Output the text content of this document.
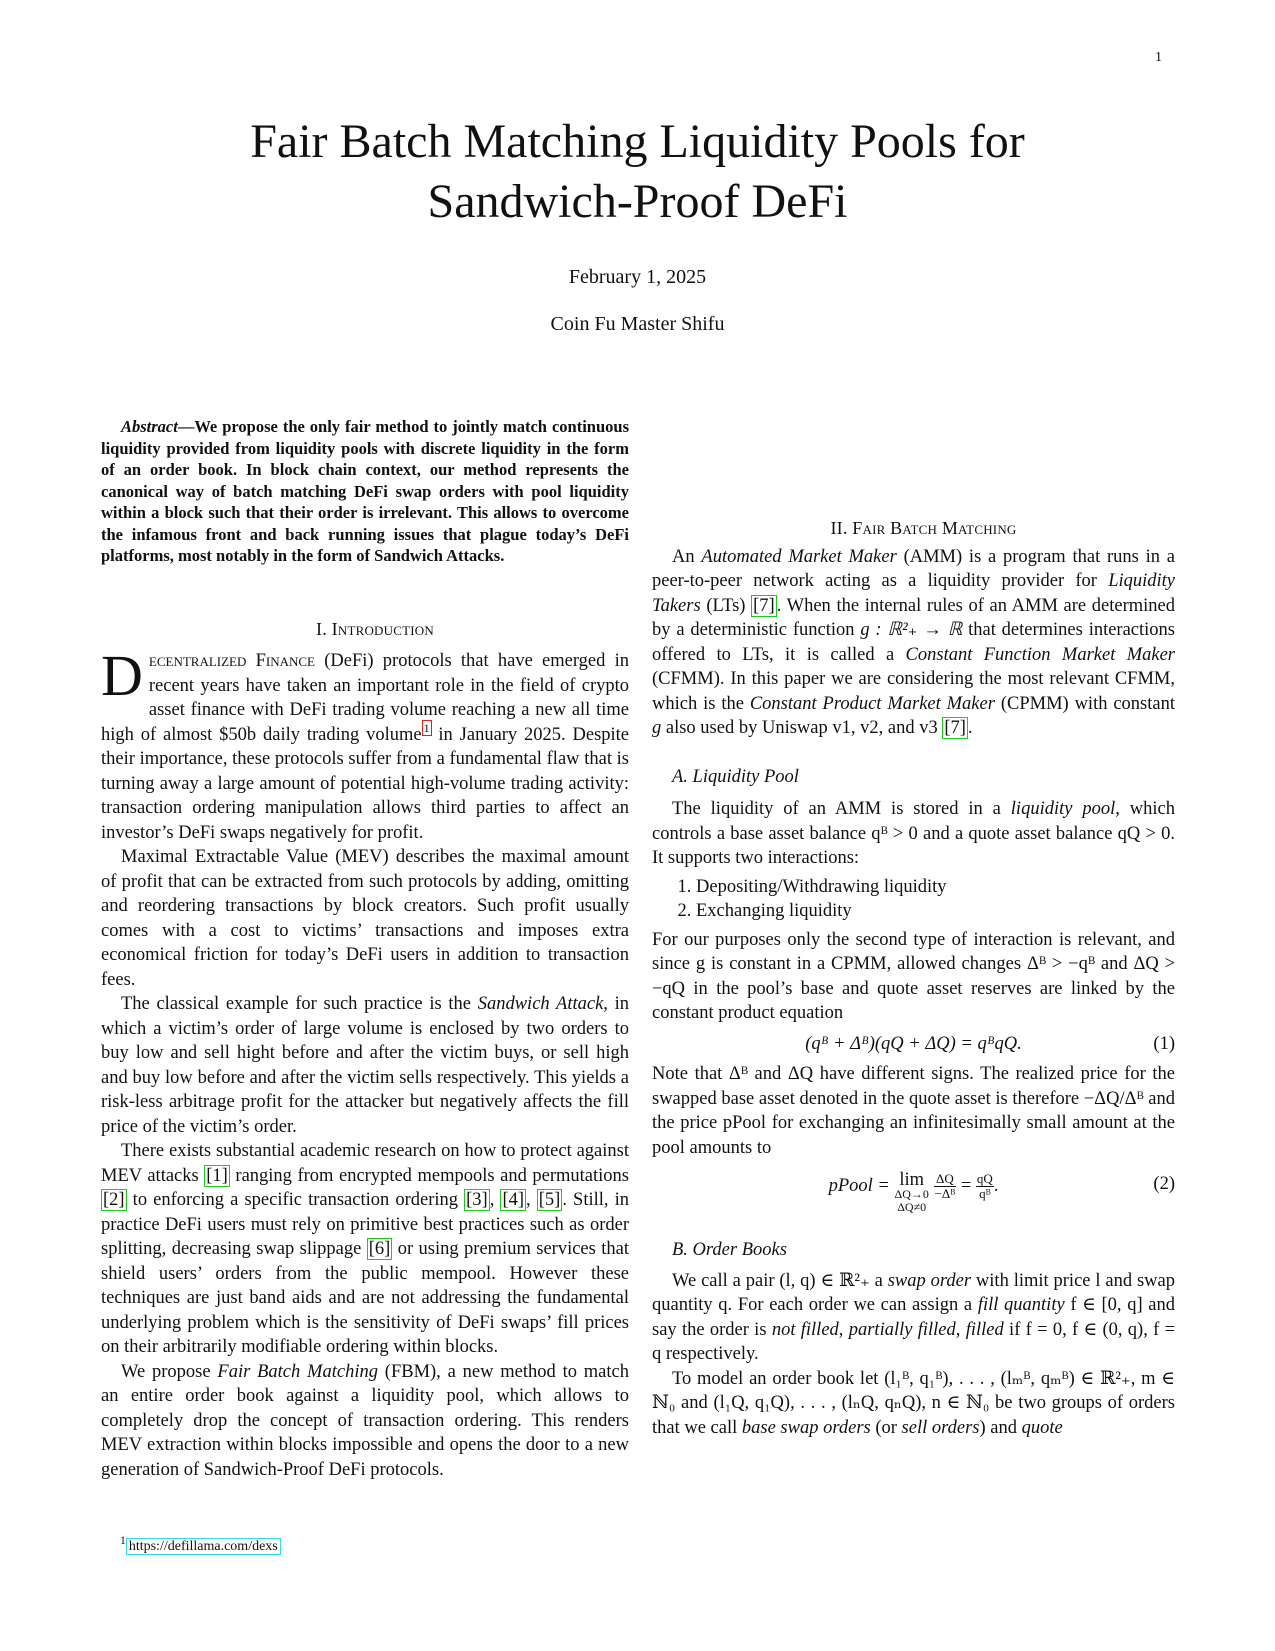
1
Fair Batch Matching Liquidity Pools for
Sandwich-Proof DeFi
February 1, 2025
Coin Fu Master Shifu

Abstract—We propose the only fair method to jointly match continuous liquidity provided from liquidity pools with discrete liquidity in the form of an order book. In block chain context, our method represents the canonical way of batch matching DeFi swap orders with pool liquidity within a block such that their order is irrelevant. This allows to overcome the infamous front and back running issues that plague today’s DeFi platforms, most notably in the form of Sandwich Attacks.

I. Introduction

Decentralized Finance (DeFi) protocols that have emerged in recent years have taken an important role in the field of crypto asset finance with DeFi trading volume reaching a new all time high of almost $50b daily trading volume $^1$ in January 2025. Despite their importance, these protocols suffer from a fundamental flaw that is turning away a large amount of potential high-volume trading activity: transaction ordering manipulation allows third parties to affect an investor’s DeFi swaps negatively for profit.

Maximal Extractable Value (MEV) describes the maximal amount of profit that can be extracted from such protocols by adding, omitting and reordering transactions by block creators. Such profit usually comes with a cost to victims’ transactions and imposes extra economical friction for today’s DeFi users in addition to transaction fees.

The classical example for such practice is the Sandwich Attack, in which a victim’s order of large volume is enclosed by two orders to buy low and sell hight before and after the victim buys, or sell high and buy low before and after the victim sells respectively. This yields a risk-less arbitrage profit for the attacker but negatively affects the fill price of the victim’s order.

There exists substantial academic research on how to protect against MEV attacks [1] ranging from encrypted mempools and permutations [2] to enforcing a specific transaction ordering [3] , [4] , [5] . Still, in practice DeFi users must rely on primitive best practices such as order splitting, decreasing swap slippage [6] or using premium services that shield users’ orders from the public mempool. However these techniques are just band aids and are not addressing the fundamental underlying problem which is the sensitivity of DeFi swaps’ fill prices on their arbitrarily modifiable ordering within blocks.

We propose Fair Batch Matching (FBM), a new method to match an entire order book against a liquidity pool, which allows to completely drop the concept of transaction ordering. This renders MEV extraction within blocks impossible and opens the door to a new generation of Sandwich-Proof DeFi protocols.

II. Fair Batch Matching

An Automated Market Maker (AMM) is a program that runs in a peer-to-peer network acting as a liquidity provider for Liquidity Takers (LTs) [7] . When the internal rules of an AMM are determined by a deterministic function g : ℝ²₊ → ℝ that determines interactions offered to LTs, it is called a Constant Function Market Maker (CFMM). In this paper we are considering the most relevant CFMM, which is the Constant Product Market Maker (CPMM) with constant g also used by Uniswap v1, v2, and v3 [7] .

A. Liquidity Pool

The liquidity of an AMM is stored in a liquidity pool, which controls a base asset balance qᴮ > 0 and a quote asset balance qQ > 0. It supports two interactions:

1. Depositing/Withdrawing liquidity
2. Exchanging liquidity

For our purposes only the second type of interaction is relevant, and since g is constant in a CPMM, allowed changes Δᴮ > −qᴮ and ΔQ > −qQ in the pool’s base and quote asset reserves are linked by the constant product equation

(qᴮ + Δᴮ)(qQ + ΔQ) = qᴮqQ.	(1)

Note that Δᴮ and ΔQ have different signs. The realized price for the swapped base asset denoted in the quote asset is therefore −ΔQ/Δᴮ and the price pPool for exchanging an infinitesimally small amount at the pool amounts to

pPool = lim
ΔQ→0
ΔQ≠0

$\frac{\Delta Q}{\text{−Δᴮ}} = \frac{qQ}{\text{qᴮ}}$ .	(2)

B. Order Books

We call a pair (l, q) ∈ ℝ²₊ a swap order with limit price l and swap quantity q. For each order we can assign a fill quantity f ∈ [0, q] and say the order is not filled, partially filled, filled if f = 0, f ∈ (0, q), f = q respectively.

To model an order book let (l₁ᴮ, q₁ᴮ), . . . , (lₘᴮ, qₘᴮ) ∈ ℝ²₊, m ∈ ℕ₀ and (l₁Q, q₁Q), . . . , (lₙQ, qₙQ), n ∈ ℕ₀ be two groups of orders that we call base swap orders (or sell orders) and quote

$^1$ https://defillama.com/dexs
